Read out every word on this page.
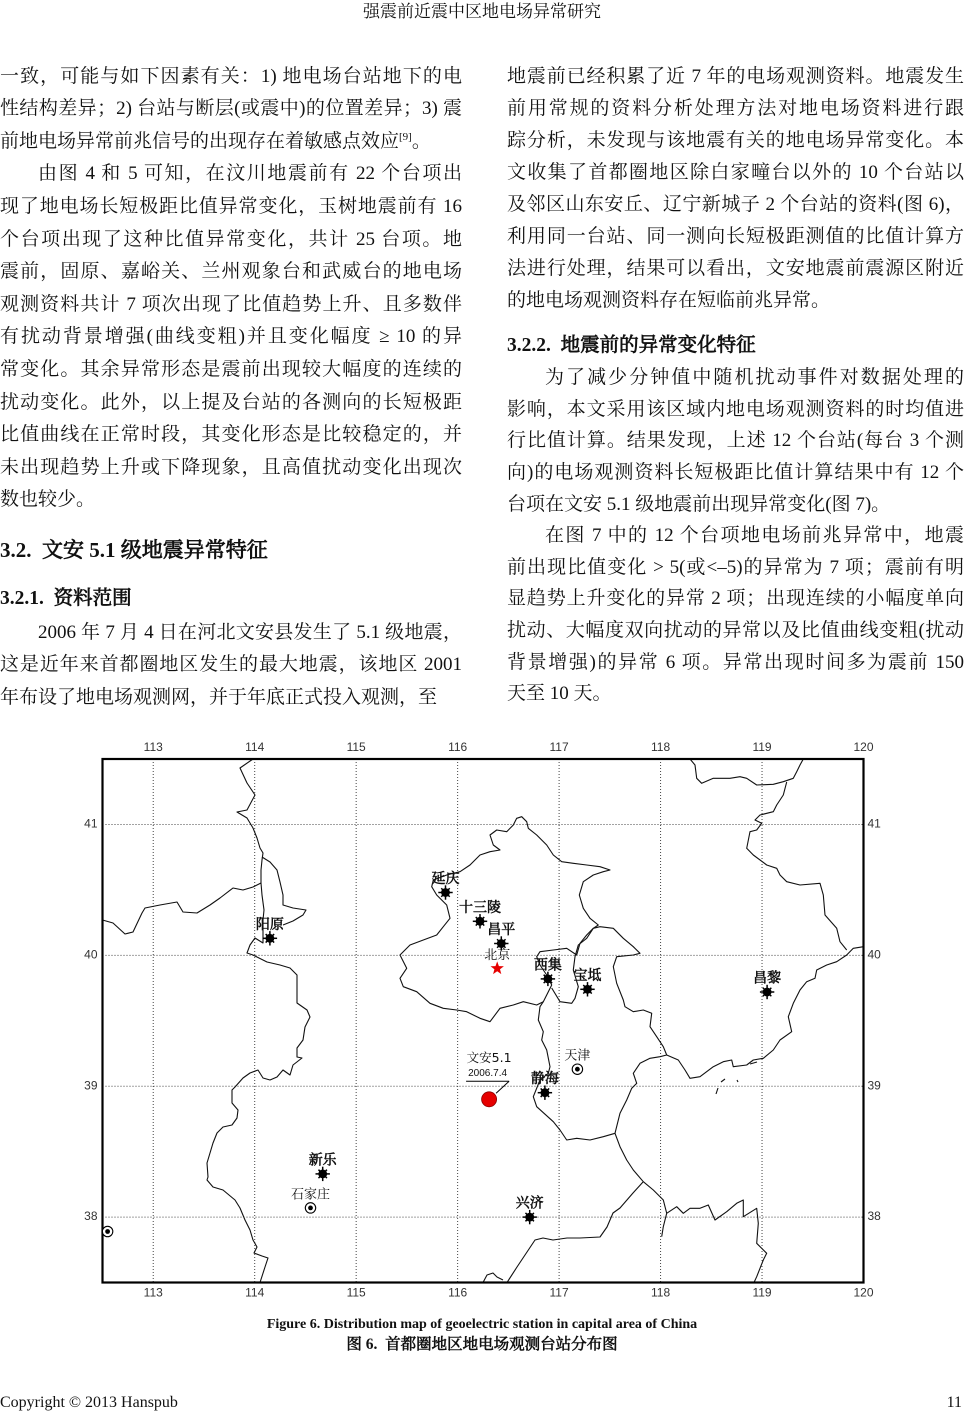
强震前近震中区地电场异常研究
一致，可能与如下因素有关：1) 地电场台站地下的电
性结构差异；2) 台站与断层(或震中)的位置差异；3) 震
前地电场异常前兆信号的出现存在着敏感点效应[9]。
由图 4 和 5 可知，在汶川地震前有 22 个台项出
现了地电场长短极距比值异常变化，玉树地震前有 16
个台项出现了这种比值异常变化，共计 25 台项。地
震前，固原、嘉峪关、兰州观象台和武威台的地电场
观测资料共计 7 项次出现了比值趋势上升、且多数伴
有扰动背景增强(曲线变粗)并且变化幅度 ≥ 10 的异
常变化。其余异常形态是震前出现较大幅度的连续的
扰动变化。此外，以上提及台站的各测向的长短极距
比值曲线在正常时段，其变化形态是比较稳定的，并
未出现趋势上升或下降现象，且高值扰动变化出现次
数也较少。
3.2.  文安 5.1 级地震异常特征
3.2.1.  资料范围
2006 年 7 月 4 日在河北文安县发生了 5.1 级地震，
这是近年来首都圈地区发生的最大地震，该地区 2001
年布设了地电场观测网，并于年底正式投入观测，至
地震前已经积累了近 7 年的电场观测资料。地震发生
前用常规的资料分析处理方法对地电场资料进行跟
踪分析，未发现与该地震有关的地电场异常变化。本
文收集了首都圈地区除白家疃台以外的 10 个台站以
及邻区山东安丘、辽宁新城子 2 个台站的资料(图 6)，
利用同一台站、同一测向长短极距测值的比值计算方
法进行处理，结果可以看出，文安地震前震源区附近
的地电场观测资料存在短临前兆异常。
3.2.2.  地震前的异常变化特征
为了减少分钟值中随机扰动事件对数据处理的
影响，本文采用该区域内地电场观测资料的时均值进
行比值计算。结果发现，上述 12 个台站(每台 3 个测
向)的电场观测资料长短极距比值计算结果中有 12 个
台项在文安 5.1 级地震前出现异常变化(图 7)。
在图 7 中的 12 个台项地电场前兆异常中，地震
前出现比值变化 > 5(或<–5)的异常为 7 项；震前有明
显趋势上升变化的异常 2 项；出现连续的小幅度单向
扰动、大幅度双向扰动的异常以及比值曲线变粗(扰动
背景增强)的异常 6 项。异常出现时间多为震前 150
天至 10 天。
延庆
十三陵
昌平
阳原
西集
宝坻	昌黎
静海
新乐
兴济
北京
天津
石家庄
文安5.1
2006.7.4
113
113
114
114
115
115
116
116
117
117
118
118
119
119
120
120
41	41
40	40
39	39
38	38
Figure 6. Distribution map of geoelectric station in capital area of China
图 6.  首都圈地区地电场观测台站分布图
Copyright © 2013 Hanspub	11
